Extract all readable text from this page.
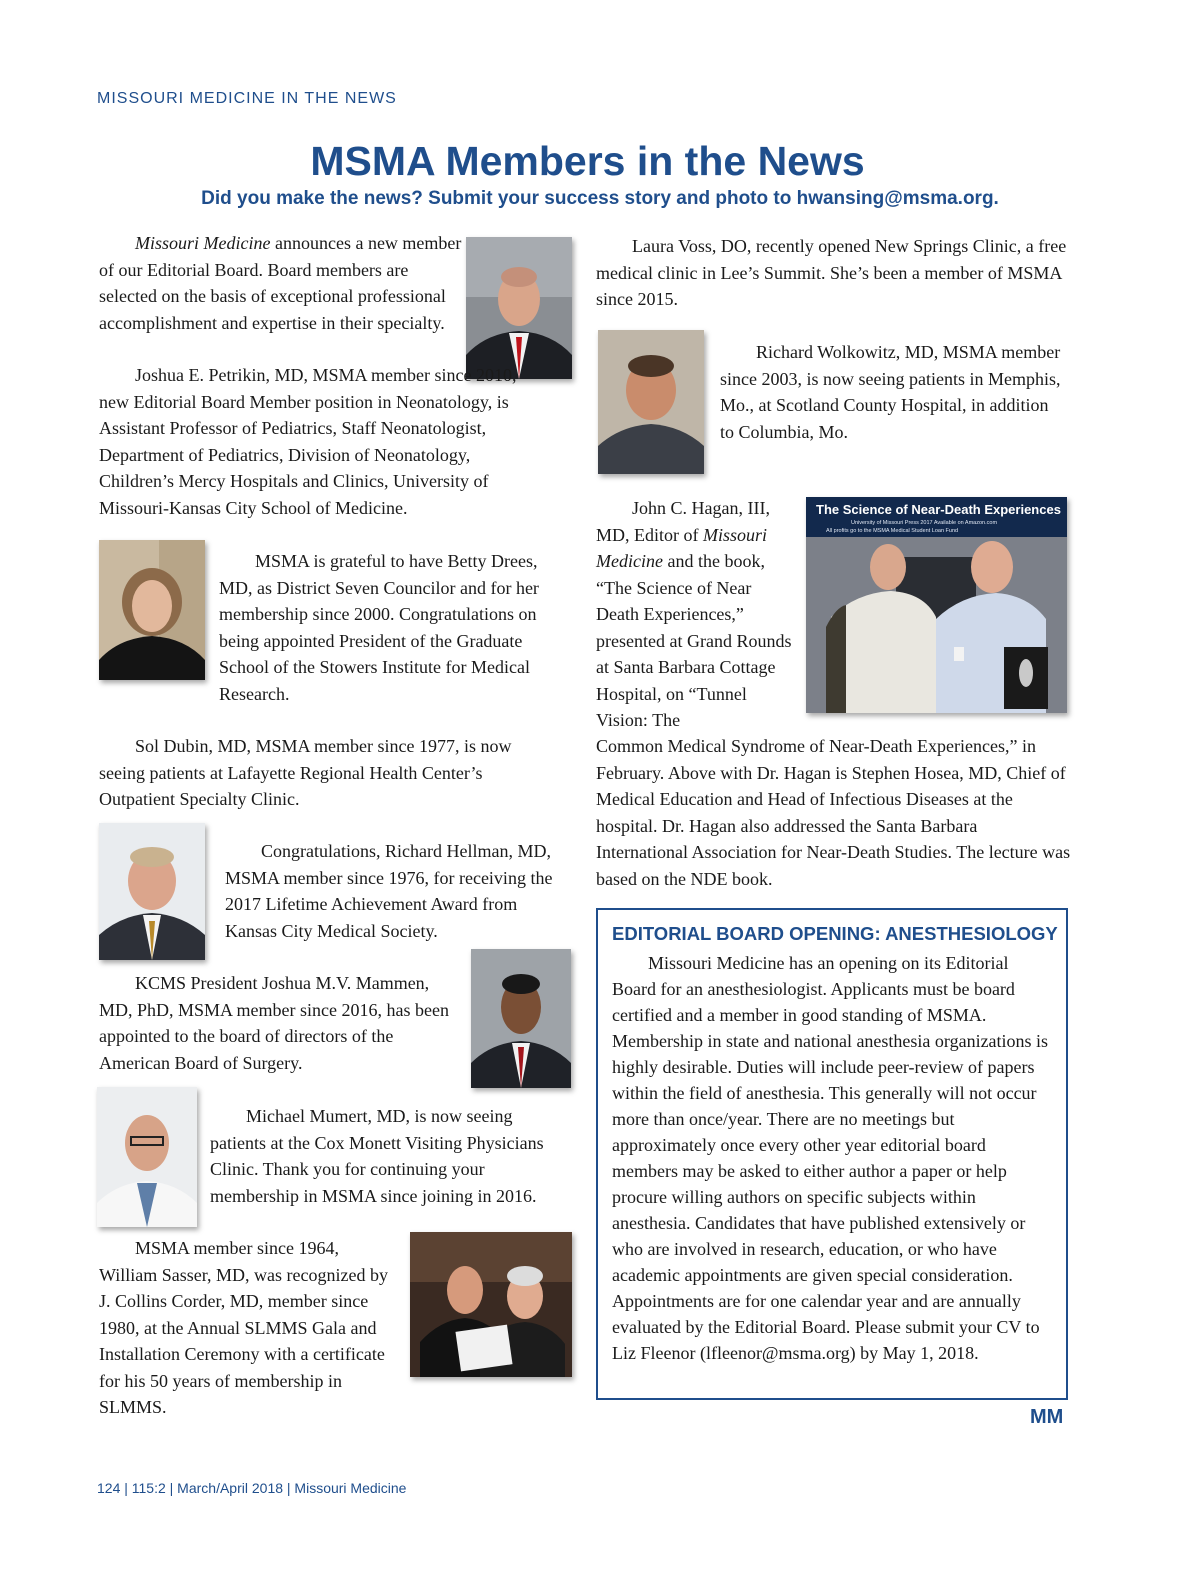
MISSOURI MEDICINE IN THE NEWS
MSMA Members in the News
Did you make the news? Submit your success story and photo to hwansing@msma.org.
Missouri Medicine announces a new member of our Editorial Board. Board members are selected on the basis of exceptional professional accomplishment and expertise in their specialty.
Joshua E. Petrikin, MD, MSMA member since 2010, new Editorial Board Member position in Neonatology, is Assistant Professor of Pediatrics, Staff Neonatologist, Department of Pediatrics, Division of Neonatology, Children’s Mercy Hospitals and Clinics, University of Missouri-Kansas City School of Medicine.
MSMA is grateful to have Betty Drees, MD, as District Seven Councilor and for her membership since 2000. Congratulations on being appointed President of the Graduate School of the Stowers Institute for Medical Research.
Sol Dubin, MD, MSMA member since 1977, is now seeing patients at Lafayette Regional Health Center’s Outpatient Specialty Clinic.
Congratulations, Richard Hellman, MD, MSMA member since 1976, for receiving the 2017 Lifetime Achievement Award from Kansas City Medical Society.
KCMS President Joshua M.V. Mammen, MD, PhD, MSMA member since 2016, has been appointed to the board of directors of the American Board of Surgery.
Michael Mumert, MD, is now seeing patients at the Cox Monett Visiting Physicians Clinic. Thank you for continuing your membership in MSMA since joining in 2016.
MSMA member since 1964, William Sasser, MD, was recognized by J. Collins Corder, MD, member since 1980, at the Annual SLMMS Gala and Installation Ceremony with a certificate for his 50 years of membership in SLMMS.
Laura Voss, DO, recently opened New Springs Clinic, a free medical clinic in Lee’s Summit. She’s been a member of MSMA since 2015.
Richard Wolkowitz, MD, MSMA member since 2003, is now seeing patients in Memphis, Mo., at Scotland County Hospital, in addition to Columbia, Mo.
John C. Hagan, III, MD, Editor of Missouri Medicine and the book, “The Science of Near Death Experiences,” presented at Grand Rounds at Santa Barbara Cottage Hospital, on “Tunnel Vision: The
The Science of Near-Death Experiences
University of Missouri Press 2017 Available on Amazon.com
All profits go to the MSMA Medical Student Loan Fund
Common Medical Syndrome of Near-Death Experiences,” in February. Above with Dr. Hagan is Stephen Hosea, MD, Chief of Medical Education and Head of Infectious Diseases at the hospital. Dr. Hagan also addressed the Santa Barbara International Association for Near-Death Studies. The lecture was based on the NDE book.
EDITORIAL BOARD OPENING: ANESTHESIOLOGY
Missouri Medicine has an opening on its Editorial Board for an anesthesiologist. Applicants must be board certified and a member in good standing of MSMA. Membership in state and national anesthesia organizations is highly desirable. Duties will include peer-review of papers within the field of anesthesia. This generally will not occur more than once/year. There are no meetings but approximately once every other year editorial board members may be asked to either author a paper or help procure willing authors on specific subjects within anesthesia. Candidates that have published extensively or who are involved in research, education, or who have academic appointments are given special consideration. Appointments are for one calendar year and are annually evaluated by the Editorial Board. Please submit your CV to Liz Fleenor (lfleenor@msma.org) by May 1, 2018.
MM
124 | 115:2 | March/April 2018 | Missouri Medicine
